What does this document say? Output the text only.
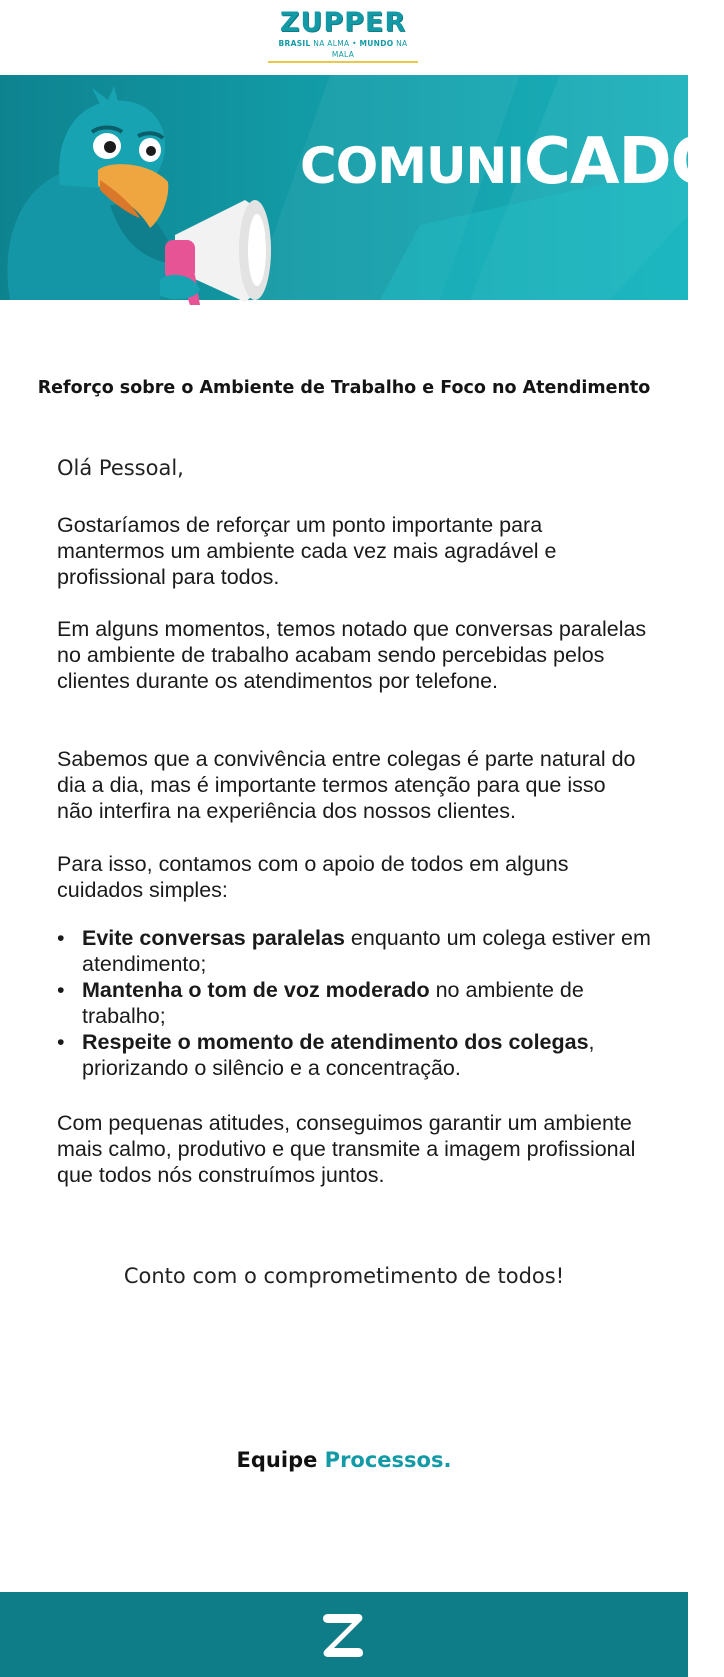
ZUPPER
BRASIL NA ALMA • MUNDO NA MALA
COMUNICADO
Reforço sobre o Ambiente de Trabalho e Foco no Atendimento
Olá Pessoal,

Gostaríamos de reforçar um ponto importante para mantermos um ambiente cada vez mais agradável e profissional para todos.

Em alguns momentos, temos notado que conversas paralelas no ambiente de trabalho acabam sendo percebidas pelos clientes durante os atendimentos por telefone.

Sabemos que a convivência entre colegas é parte natural do dia a dia, mas é importante termos atenção para que isso não interfira na experiência dos nossos clientes.

Para isso, contamos com o apoio de todos em alguns cuidados simples:

• Evite conversas paralelas enquanto um colega estiver em atendimento;
• Mantenha o tom de voz moderado no ambiente de trabalho;
• Respeite o momento de atendimento dos colegas, priorizando o silêncio e a concentração.

Com pequenas atitudes, conseguimos garantir um ambiente mais calmo, produtivo e que transmite a imagem profissional que todos nós construímos juntos.

Conto com o comprometimento de todos!
Equipe Processos.
